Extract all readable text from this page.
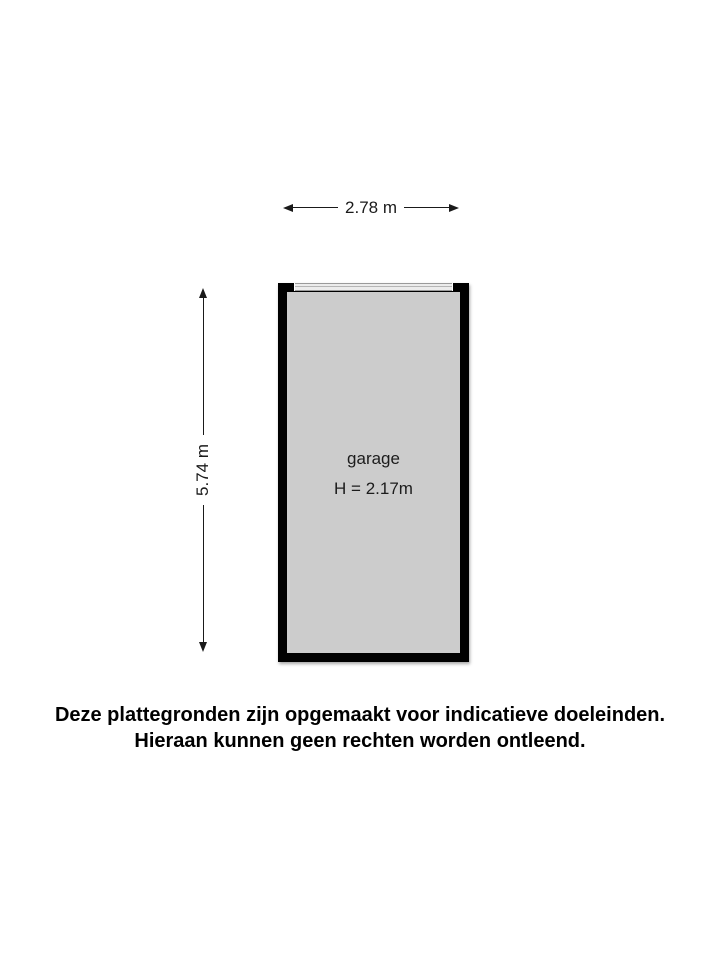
2.78 m
5.74 m	garage
H = 2.17m
Deze plattegronden zijn opgemaakt voor indicatieve doeleinden.
Hieraan kunnen geen rechten worden ontleend.
